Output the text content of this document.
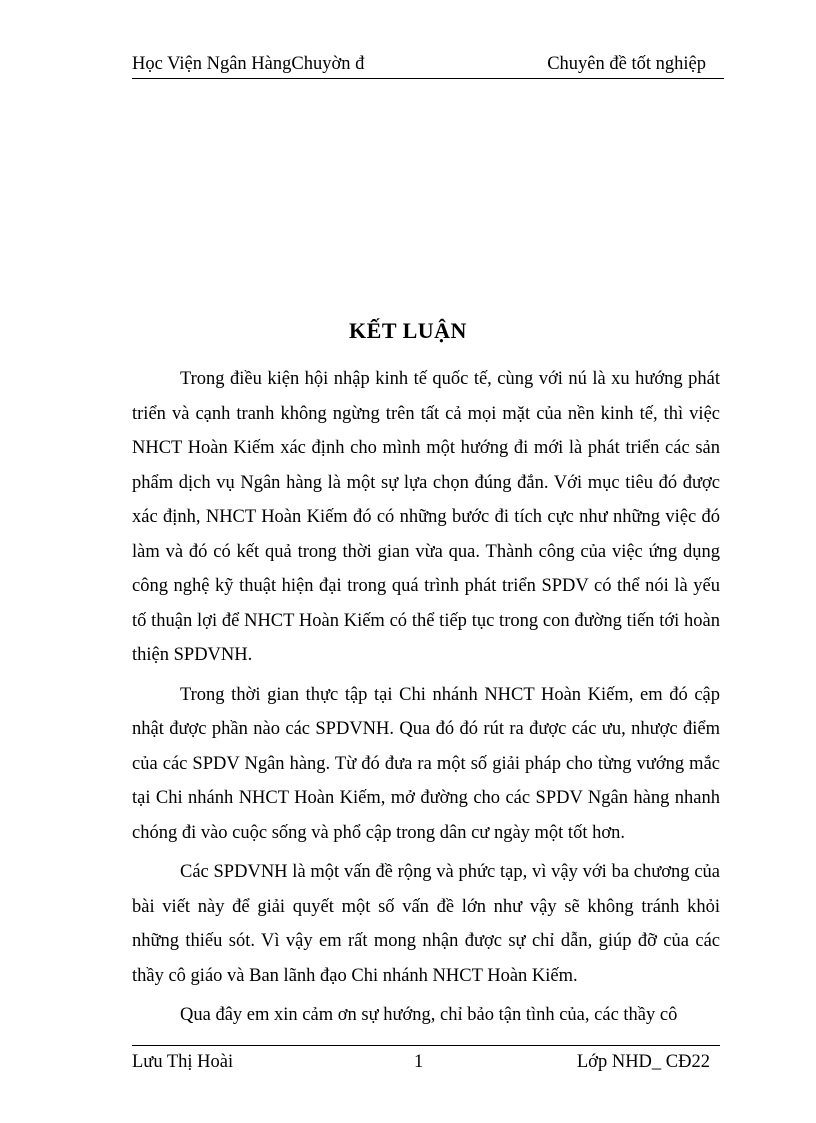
Học Viện Ngân HàngChuyờn đ	Chuyên đề tốt nghiệp
KẾT LUẬN

Trong điều kiện hội nhập kinh tế quốc tế, cùng với nú là xu hướng phát triển và cạnh tranh không ngừng trên tất cả mọi mặt của nền kinh tế, thì việc NHCT Hoàn Kiếm xác định cho mình một hướng đi mới là phát triển các sản phẩm dịch vụ Ngân hàng là một sự lựa chọn đúng đắn. Với mục tiêu đó được xác định, NHCT Hoàn Kiếm đó có những bước đi tích cực như những việc đó làm và đó có kết quả trong thời gian vừa qua. Thành công của việc ứng dụng công nghệ kỹ thuật hiện đại trong quá trình phát triển SPDV có thể nói là yếu tố thuận lợi để NHCT Hoàn Kiếm có thể tiếp tục trong con đường tiến tới hoàn thiện SPDVNH.

Trong thời gian thực tập tại Chi nhánh NHCT Hoàn Kiếm, em đó cập nhật được phần nào các SPDVNH. Qua đó đó rút ra được các ưu, nhược điểm của các SPDV Ngân hàng. Từ đó đưa ra một số giải pháp cho từng vướng mắc tại Chi nhánh NHCT Hoàn Kiếm, mở đường cho các SPDV Ngân hàng nhanh chóng đi vào cuộc sống và phổ cập trong dân cư ngày một tốt hơn.

Các SPDVNH là một vấn đề rộng và phức tạp, vì vậy với ba chương của bài viết này để giải quyết một số vấn đề lớn như vậy sẽ không tránh khỏi những thiếu sót. Vì vậy em rất mong nhận được sự chỉ dẫn, giúp đỡ của các thầy cô giáo và Ban lãnh đạo Chi nhánh NHCT Hoàn Kiếm.

Qua đây em xin cảm ơn sự hướng, chỉ bảo tận tình của, các thầy cô

Lưu Thị Hoài	1	Lớp NHD_ CĐ22
